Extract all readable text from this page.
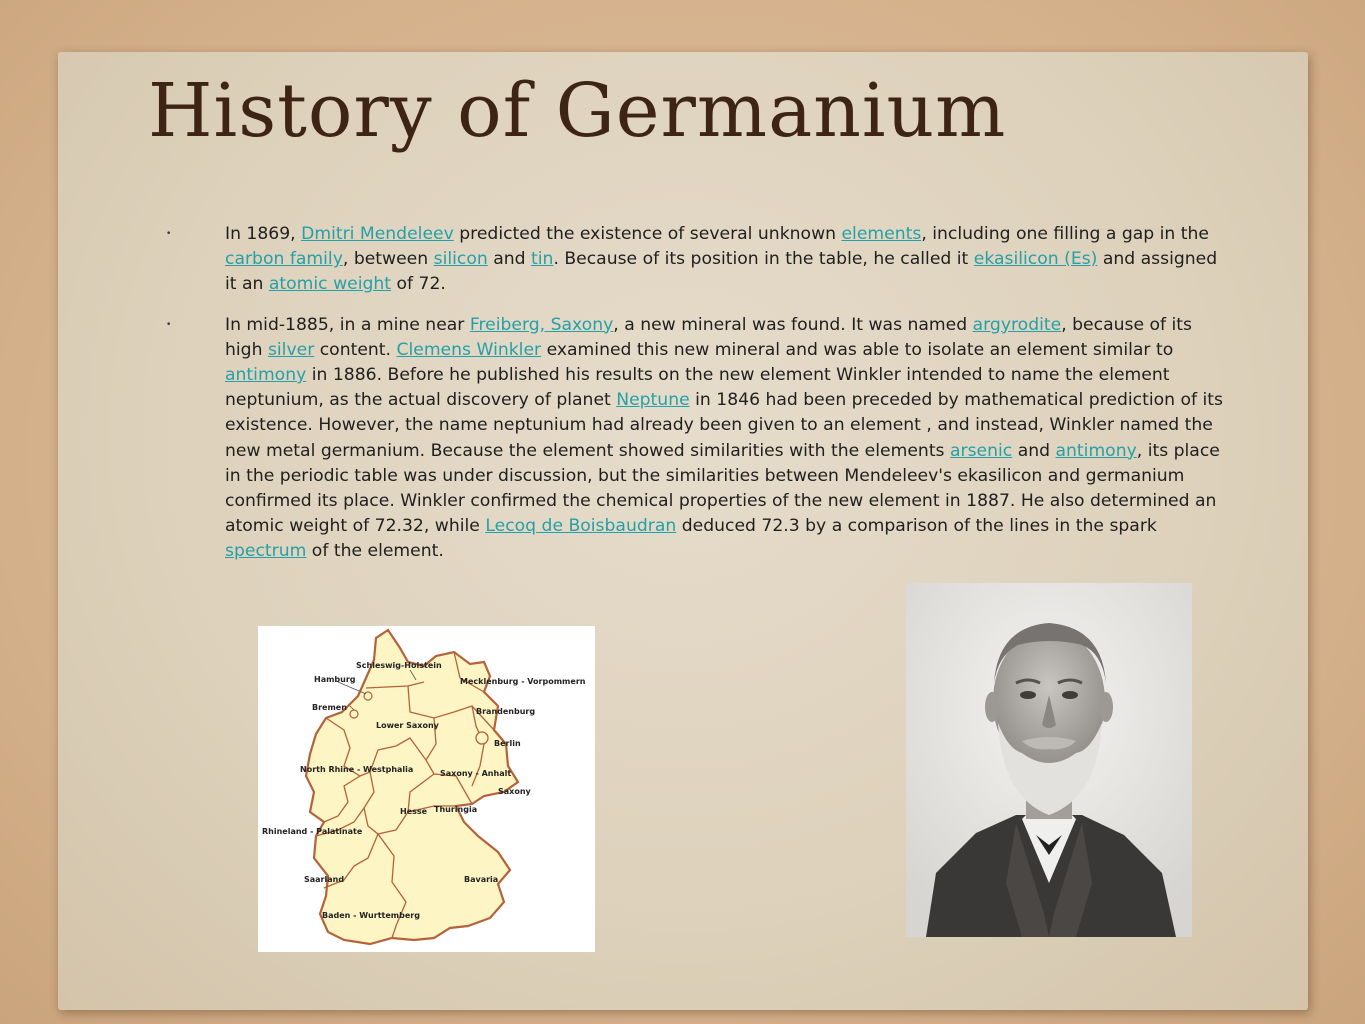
History of Germanium
• In 1869, Dmitri Mendeleev predicted the existence of several unknown elements, including one filling a gap in the carbon family, between silicon and tin. Because of its position in the table, he called it ekasilicon (Es) and assigned it an atomic weight of 72.
• In mid-1885, in a mine near Freiberg, Saxony, a new mineral was found. It was named argyrodite, because of its high silver content. Clemens Winkler examined this new mineral and was able to isolate an element similar to antimony in 1886. Before he published his results on the new element Winkler intended to name the element neptunium, as the actual discovery of planet Neptune in 1846 had been preceded by mathematical prediction of its existence. However, the name neptunium had already been given to an element , and instead, Winkler named the new metal germanium. Because the element showed similarities with the elements arsenic and antimony, its place in the periodic table was under discussion, but the similarities between Mendeleev's ekasilicon and germanium confirmed its place. Winkler confirmed the chemical properties of the new element in 1887. He also determined an atomic weight of 72.32, while Lecoq de Boisbaudran deduced 72.3 by a comparison of the lines in the spark spectrum of the element.
Schleswig-Holstein
Hamburg	Mecklenburg - Vorpommern
Bremen
Lower Saxony
Brandenburg
Berlin
North Rhine - Westphalia	Saxony - Anhalt
Saxony
Hesse Thuringia
Rhineland - Palatinate
Saarland	Bavaria
Baden - Wurttemberg
